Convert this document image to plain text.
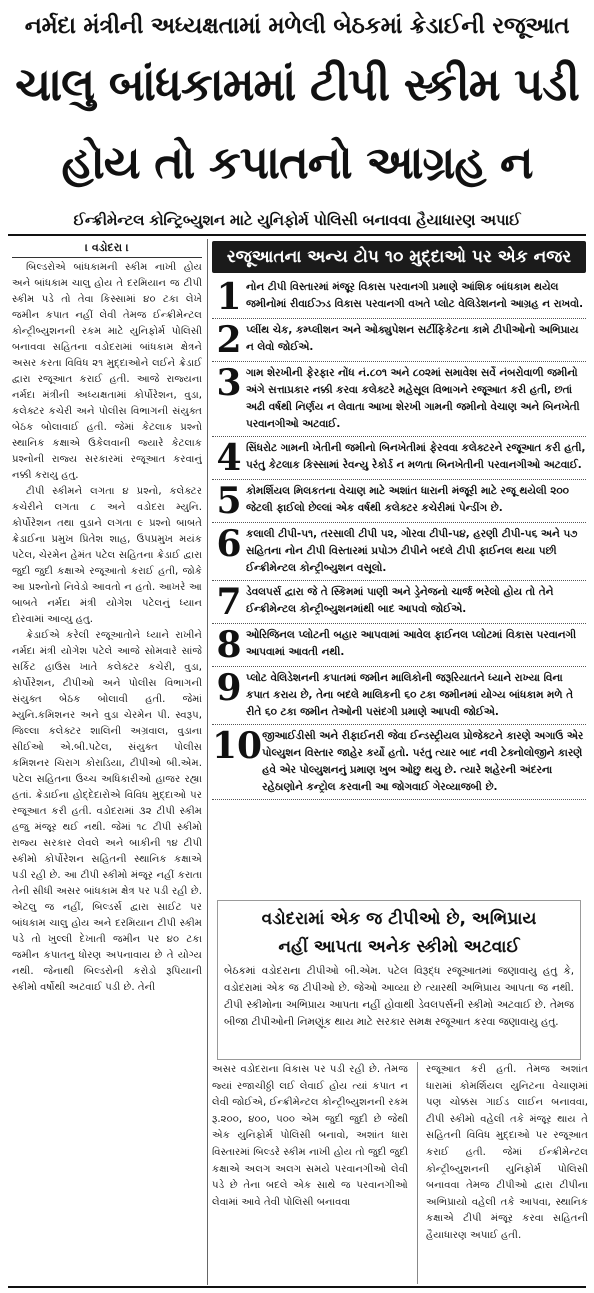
નર્મદા મંત્રીની અધ્યક્ષતામાં મળેલી બેઠકમાં ક્રેડાઈની રજૂઆત
ચાલુ બાંધકામમાં ટીપી સ્કીમ પડી હોય તો કપાતનો આગ્રહ ન
ઈન્ક્રીમેન્ટલ કોન્ટ્રિબ્યુશન માટે યુનિફોર્મ પોલિસી બનાવવા હૈયાધારણ અપાઈ
। વડોદરા ।

બિલ્ડરોએ બાંધકામની સ્કીમ નાખી હોય અને બાંધકામ ચાલુ હોય તે દરમિયાન જ ટીપી સ્કીમ પડે તો તેવા કિસ્સામાં ૪૦ ટકા લેખે જમીન કપાત નહીં લેવી તેમજ ઈન્ક્રીમેન્ટલ કોન્ટ્રીબ્યુશનની રકમ માટે યુનિફોર્મ પોલિસી બનાવવા સહિતના વડોદરામાં બાંધકામ ક્ષેત્રને અસર કરતા વિવિધ ૨૧ મુદ્દાઓને લઈને ક્રેડાઈ દ્વારા રજૂઆત કરાઈ હતી. આજે રાજ્યના નર્મદા મંત્રીની અધ્યક્ષતામાં કોર્પોરેશન, વુડા, કલેક્ટર કચેરી અને પોલીસ વિભાગની સંયુક્ત બેઠક બોલાવાઈ હતી. જેમાં કેટલાક પ્રશ્નો સ્થાનિક કક્ષાએ ઉકેલવાની જ્યારે કેટલાક પ્રશ્નોની રાજ્ય સરકારમાં રજૂઆત કરવાનું નક્કી કરાયુ હતુ.

ટીપી સ્કીમને લગતા ૪ પ્રશ્નો, કલેક્ટર કચેરીને લગતા ૮ અને વડોદરા મ્યુનિ. કોર્પોરેશન તથા વુડાને લગતા ૯ પ્રશ્નો બાબતે ક્રેડાઈના પ્રમુખ પ્રિતેશ શાહ, ઉપપ્રમુખ મયંક પટેલ, ચેરમેન હેમંત પટેલ સહિતના ક્રેડાઈ દ્વારા જુદી જુદી કક્ષાએ રજૂઆતો કરાઈ હતી, જોકે આ પ્રશ્નોનો નિવેડો આવતો ન હતો. આખરે આ બાબતે નર્મદા મંત્રી યોગેશ પટેલનું ધ્યાન દોરવામાં આવ્યુ હતુ.

ક્રેડાઈએ કરેલી રજૂઆતોને ધ્યાને રાખીને નર્મદા મંત્રી યોગેશ પટેલે આજે સોમવારે સાંજે સર્કિટ હાઉસ ખાતે કલેક્ટર કચેરી, વુડા, કોર્પોરેશન, ટીપીઓ અને પોલીસ વિભાગની સંયુક્ત બેઠક બોલાવી હતી. જેમાં મ્યુનિ.કમિશનર અને વુડા ચેરમેન પી. સ્વરૂપ, જિલ્લા કલેક્ટર શાલિની અગ્રવાલ, વુડાના સીઈઓ એ.બી.પટેલ, સંયુક્ત પોલીસ કમિશનર ચિરાગ કોરાડિયા, ટીપીઓ બી.એમ. પટેલ સહિતના ઉચ્ચ અધિકારીઓ હાજર રહ્યા હતાં. ક્રેડાઈના હોદ્દેદારોએ વિવિધ મુદ્દાઓ પર રજૂઆત કરી હતી. વડોદરામાં ૩૨ ટીપી સ્કીમ હજુ મંજૂર થઈ નથી. જેમાં ૧૮ ટીપી સ્કીમો રાજ્ય સરકાર લેવલે અને બાકીની ૧૪ ટીપી સ્કીમો કોર્પોરેશન સહિતની સ્થાનિક કક્ષાએ પડી રહી છે. આ ટીપી સ્કીમો મંજૂર નહીં કરાતા તેની સીધી અસર બાંધકામ ક્ષેત્ર પર પડી રહી છે. એટલુ જ નહીં, બિલ્ડર્સ દ્વારા સાઈટ પર બાંધકામ ચાલુ હોય અને દરમિયાન ટીપી સ્કીમ પડે તો ખુલ્લી દેખાતી જમીન પર ૪૦ ટકા જમીન કપાતનુ ધોરણ અપનાવાય છે તે યોગ્ય નથી. જેનાથી બિલ્ડરોની કરોડો રૂપિયાની સ્કીમો વર્ષોથી અટવાઈ પડી છે. તેની

રજૂઆતના અન્ય ટોપ ૧૦ મુદ્દાઓ પર એક નજર
1 નોન ટીપી વિસ્તારમાં મંજૂર વિકાસ પરવાનગી પ્રમાણે આંશિક બાંધકામ થયેલ જમીનોમાં રીવાઈઝ્ડ વિકાસ પરવાનગી વખતે પ્લોટ વેલિડેશનનો આગ્રહ ન રાખવો.
2 પ્લીંથ ચેક, કમ્પ્લીશન અને ઓક્યુપેશન સર્ટીફિકેટના કામે ટીપીઓનો અભિપ્રાય ન લેવો જોઈએ.
3 ગામ શેરખીની ફેરફાર નોંધ નં.૮૦૧ અને ૮૦૨માં સમાવેશ સર્વે નંબરોવાળી જમીનો અંગે સત્તાપ્રકાર નક્કી કરવા કલેક્ટરે મહેસૂલ વિભાગને રજૂઆત કરી હતી, છતાં અઢી વર્ષથી નિર્ણય ન લેવાતા આખા શેરખી ગામની જમીનો વેચાણ અને બિનખેતી પરવાનગીઓ અટવાઈ.
4 સિંધરોટ ગામની ખેતીની જમીનો બિનખેતીમાં ફેરવવા કલેક્ટરને રજૂઆત કરી હતી, પરંતુ કેટલાક કિસ્સામાં રેવન્યુ રેકોર્ડ ન મળતા બિનખેતીની પરવાનગીઓ અટવાઈ.
5 કોમર્શિયલ મિલકતના વેચાણ માટે અશાંત ધારાની મંજૂરી માટે રજૂ થયેલી ૨૦૦ જેટલી ફાઈલો છેલ્લાં એક વર્ષથી કલેક્ટર કચેરીમાં પેન્ડીંગ છે.
6 કલાલી ટીપી-૫૧, તરસાલી ટીપી ૫૨, ગોરવા ટીપી-૫૪, હરણી ટીપી-૫૬ અને ૫૭ સહિતના નોન ટીપી વિસ્તારમાં પ્રપોઝ ટીપીને બદલે ટીપી ફાઈનલ થયા પછી ઈન્ક્રીમેન્ટલ કોન્ટ્રીબ્યુશન વસૂલો.
7 ડેવલપર્સ દ્વારા જે તે સ્કિમમાં પાણી અને ડ્રેનેજનો ચાર્જ ભરેલો હોય તો તેને ઈન્ક્રીમેન્ટલ કોન્ટ્રીબ્યુશનમાંથી બાદ આપવો જોઈએ.
8 ઓરિજિનલ પ્લોટની બહાર આપવામાં આવેલ ફાઈનલ પ્લોટમાં વિકાસ પરવાનગી આપવામાં આવતી નથી.
9 પ્લોટ વેલિડેશનની કપાતમાં જમીન માલિકોની જરૂરિયાતને ધ્યાને રાખ્યા વિના કપાત કરાય છે, તેના બદલે માલિકની ૬૦ ટકા જમીનમાં યોગ્ય બાંધકામ મળે તે રીતે ૬૦ ટકા જમીન તેઓની પસંદગી પ્રમાણે આપવી જોઈએ.
10 જીઆઈડીસી અને રીફાઈનરી જેવા ઈન્ડસ્ટ્રીયલ પ્રોજેક્ટને કારણે અગાઉ એર પોલ્યુશન વિસ્તાર જાહેર કર્યો હતો. પરંતુ ત્યાર બાદ નવી ટેક્નોલોજીને કારણે હવે એર પોલ્યુશનનું પ્રમાણ ખુબ ઓછુ થયુ છે. ત્યારે શહેરની અંદરના રહેઠાણોને કન્ટ્રોલ કરવાની આ જોગવાઈ ગેરવ્યાજબી છે.
વડોદરામાં એક જ ટીપીઓ છે, અભિપ્રાય
નહીં આપતા અનેક સ્કીમો અટવાઈ
બેઠકમાં વડોદરાના ટીપીઓ બી.એમ. પટેલ વિરૂદ્ધ રજૂઆતમાં જણાવાયુ હતુ કે, વડોદરામાં એક જ ટીપીઓ છે. જેઓ આવ્યા છે ત્યારથી અભિપ્રાય આપતા જ નથી. ટીપી સ્કીમોના અભિપ્રાય આપતા નહીં હોવાથી ડેવલપર્સની સ્કીમો અટવાઈ છે. તેમજ બીજા ટીપીઓની નિમણૂંક થાય માટે સરકાર સમક્ષ રજૂઆત કરવા જણાવાયુ હતુ.

અસર વડોદરાના વિકાસ પર પડી રહી છે. તેમજ જ્યાં રજાચીઠ્ઠી લઈ લેવાઈ હોય ત્યાં કપાત ન લેવી જોઈએ, ઈન્ક્રીમેન્ટલ કોન્ટ્રીબ્યુશનની રકમ રૂ.૨૦૦, ૪૦૦, ૫૦૦ એમ જુદી જુદી છે જેથી એક યુનિફોર્મ પોલિસી બનાવો, અશાંત ધારા વિસ્તારમાં બિલ્ડરે સ્કીમ નાખી હોય તો જુદી જુદી કક્ષાએ અલગ અલગ સમયે પરવાનગીઓ લેવી પડે છે તેના બદલે એક સાથે જ પરવાનગીઓ લેવામાં આવે તેવી પોલિસી બનાવવા

રજૂઆત કરી હતી. તેમજ અશાંત ધારામાં કોમર્શિયલ યુનિટના વેચાણમાં પણ ચોક્કસ ગાઈડ લાઈન બનાવવા, ટીપી સ્કીમો વહેલી તકે મંજૂર થાય તે સહિતની વિવિધ મુદ્દાઓ પર રજૂઆત કરાઈ હતી. જેમાં ઈન્ક્રીમેન્ટલ કોન્ટ્રીબ્યુશનની યુનિફોર્મ પોલિસી બનાવવા તેમજ ટીપીઓ દ્વારા ટીપીના અભિપ્રાયો વહેલી તકે આપવા, સ્થાનિક કક્ષાએ ટીપી મંજૂર કરવા સહિતની હૈયાધારણ અપાઈ હતી.
